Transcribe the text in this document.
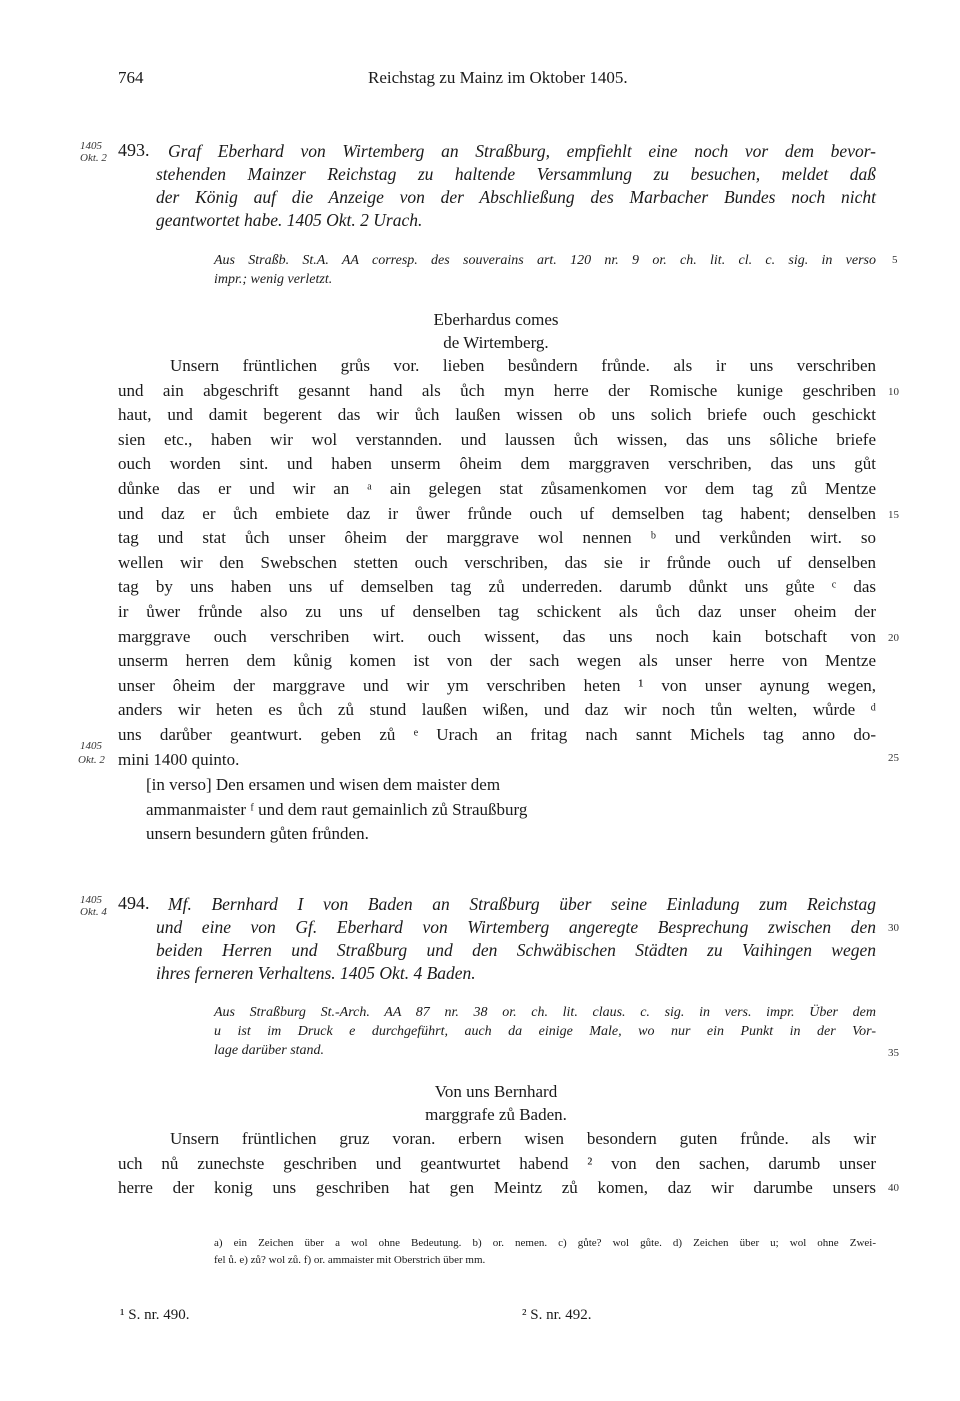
764	Reichstag zu Mainz im Oktober 1405.
1405
Okt. 2 493.	Graf Eberhard von Wirtemberg an Straßburg, empfiehlt eine noch vor dem bevor-
stehenden Mainzer Reichstag zu haltende Versammlung zu besuchen, meldet daß
der König auf die Anzeige von der Abschließung des Marbacher Bundes noch nicht
geantwortet habe. 1405 Okt. 2 Urach.
Aus Straßb. St.A. AA corresp. des souverains art. 120 nr. 9 or. ch. lit. cl. c. sig. in verso
impr.; wenig verletzt.
Eberhardus comes
de Wirtemberg.
Unsern früntlichen grůs vor. lieben besůndern frůnde. als ir uns verschriben
und ain abgeschrift gesannt hand als ůch myn herre der Romische kunige geschriben
haut, und damit begerent das wir ůch laußen wissen ob uns solich briefe ouch geschickt
sien etc., haben wir wol verstannden. und laussen ůch wissen, das uns sôliche briefe
ouch worden sint. und haben unserm ôheim dem marggraven verschriben, das uns gůt
důnke das er und wir an ᵃ ain gelegen stat zůsamenkomen vor dem tag zů Mentze
und daz er ůch embiete daz ir ůwer frůnde ouch uf demselben tag habent; denselben
tag und stat ůch unser ôheim der marggrave wol nennen ᵇ und verkůnden wirt. so
wellen wir den Swebschen stetten ouch verschriben, das sie ir frůnde ouch uf denselben
tag by uns haben uns uf demselben tag zů underreden. darumb důnkt uns gůte ᶜ das
ir ůwer frůnde also zu uns uf denselben tag schickent als ůch daz unser oheim der
marggrave ouch verschriben wirt. ouch wissent, das uns noch kain botschaft von
unserm herren dem kůnig komen ist von der sach wegen als unser herre von Mentze
unser ôheim der marggrave und wir ym verschriben heten ¹ von unser aynung wegen,
anders wir heten es ůch zů stund laußen wißen, und daz wir noch tůn welten, wůrde ᵈ
uns darůber geantwurt. geben zů ᵉ Urach an fritag nach sannt Michels tag anno do-
mini 1400 quinto.
1405
Okt. 2
[in verso] Den ersamen und wisen dem maister dem
ammanmaister ᶠ und dem raut gemainlich zů Straußburg
unsern besundern gůten frůnden.
1405
Okt. 4 494.	Mf. Bernhard I von Baden an Straßburg über seine Einladung zum Reichstag
und eine von Gf. Eberhard von Wirtemberg angeregte Besprechung zwischen den
beiden Herren und Straßburg und den Schwäbischen Städten zu Vaihingen wegen
ihres ferneren Verhaltens. 1405 Okt. 4 Baden.
Aus Straßburg St.-Arch. AA 87 nr. 38 or. ch. lit. claus. c. sig. in vers. impr. Über dem
u ist im Druck e durchgeführt, auch da einige Male, wo nur ein Punkt in der Vor-
lage darüber stand.
Von uns Bernhard
marggrafe zů Baden.
Unsern früntlichen gruz voran. erbern wisen besondern guten frůnde. als wir
uch nů zunechste geschriben und geantwurtet habend ² von den sachen, darumb unser
herre der konig uns geschriben hat gen Meintz zů komen, daz wir darumbe unsers
5
10
15
20
25
30
35
40
a) ein Zeichen über a wol ohne Bedeutung. b) or. nemen. c) gůte? wol gůte. d) Zeichen über u; wol ohne Zwei-
fel ů. e) zů? wol zů. f) or. ammaister mit Oberstrich über mm.
¹ S. nr. 490.	² S. nr. 492.
